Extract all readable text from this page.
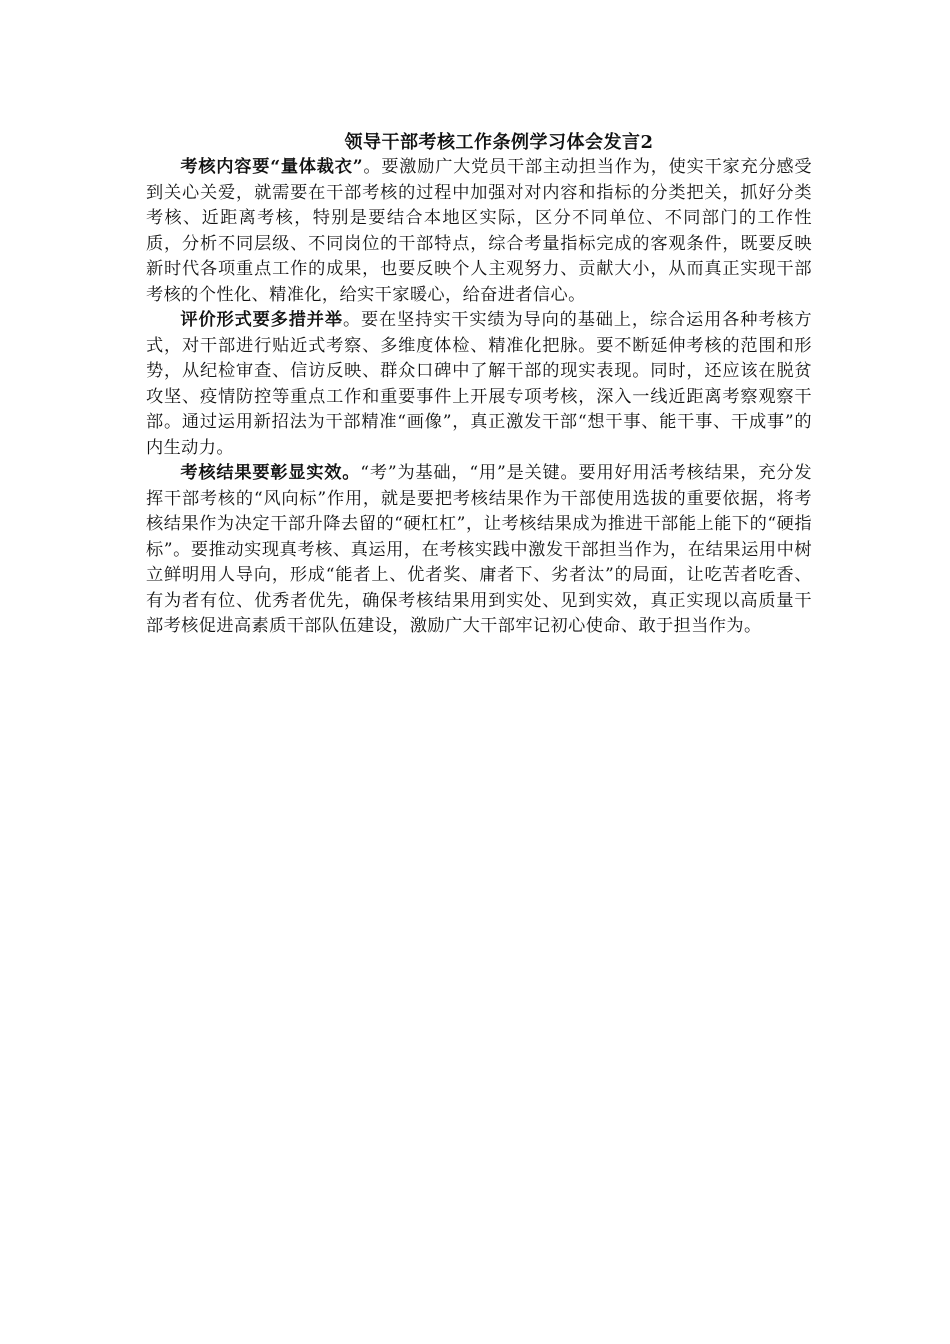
领导干部考核工作条例学习体会发言2

考核内容要“量体裁衣”。要激励广大党员干部主动担当作为，使实干家充分感受到关心关爱，就需要在干部考核的过程中加强对对内容和指标的分类把关，抓好分类考核、近距离考核，特别是要结合本地区实际，区分不同单位、不同部门的工作性质，分析不同层级、不同岗位的干部特点，综合考量指标完成的客观条件，既要反映新时代各项重点工作的成果，也要反映个人主观努力、贡献大小，从而真正实现干部考核的个性化、精准化，给实干家暖心，给奋进者信心。

评价形式要多措并举。要在坚持实干实绩为导向的基础上，综合运用各种考核方式，对干部进行贴近式考察、多维度体检、精准化把脉。要不断延伸考核的范围和形势，从纪检审查、信访反映、群众口碑中了解干部的现实表现。同时，还应该在脱贫攻坚、疫情防控等重点工作和重要事件上开展专项考核，深入一线近距离考察观察干部。通过运用新招法为干部精准“画像”，真正激发干部“想干事、能干事、干成事”的内生动力。

考核结果要彰显实效。“考”为基础，“用”是关键。要用好用活考核结果，充分发挥干部考核的“风向标”作用，就是要把考核结果作为干部使用选拔的重要依据，将考核结果作为决定干部升降去留的“硬杠杠”，让考核结果成为推进干部能上能下的“硬指标”。要推动实现真考核、真运用，在考核实践中激发干部担当作为，在结果运用中树立鲜明用人导向，形成“能者上、优者奖、庸者下、劣者汰”的局面，让吃苦者吃香、有为者有位、优秀者优先，确保考核结果用到实处、见到实效，真正实现以高质量干部考核促进高素质干部队伍建设，激励广大干部牢记初心使命、敢于担当作为。
